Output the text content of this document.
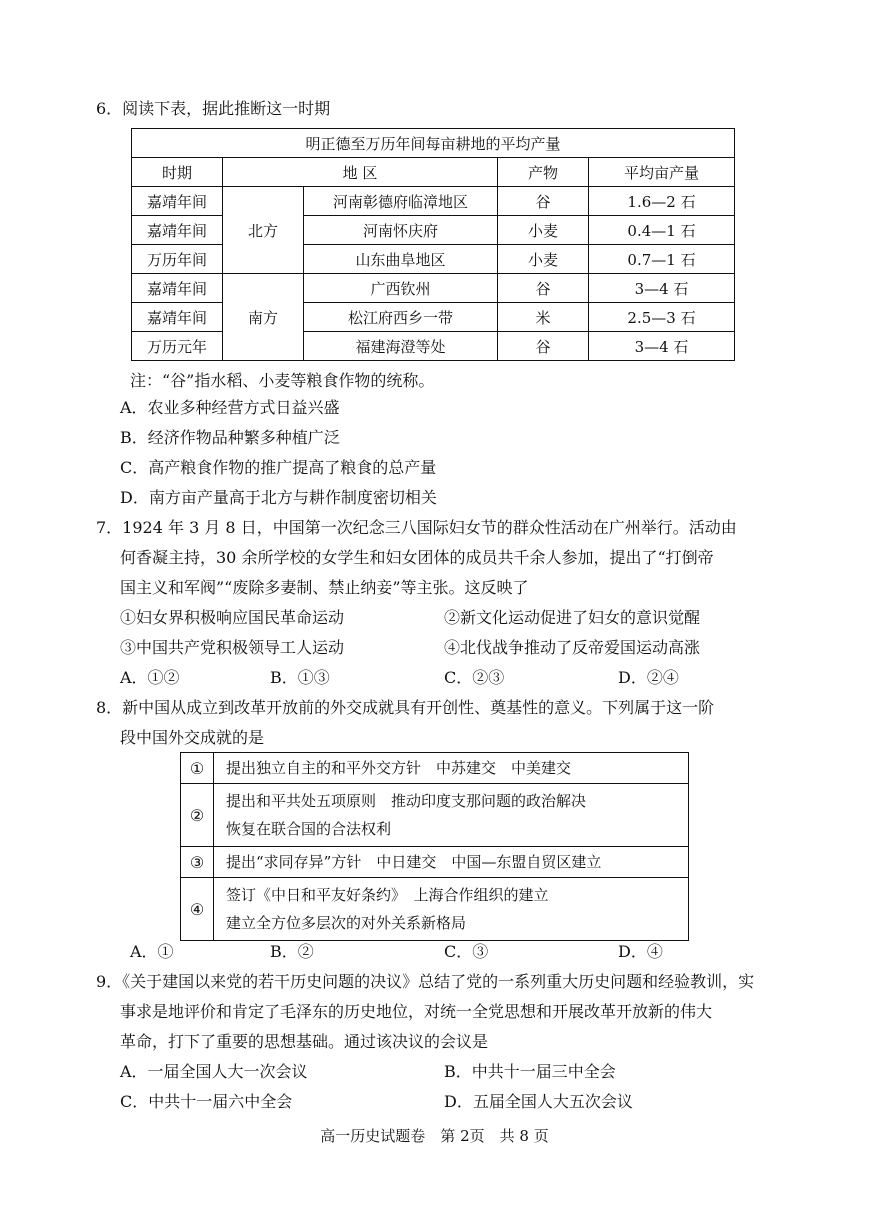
6．阅读下表，据此推断这一时期
明正德至万历年间每亩耕地的平均产量				
时期	地 区		产物	平均亩产量
嘉靖年间	北方	河南彰德府临漳地区	谷	1.6—2 石
嘉靖年间		河南怀庆府	小麦	0.4—1 石
万历年间		山东曲阜地区	小麦	0.7—1 石
嘉靖年间	南方	广西钦州	谷	3—4 石
嘉靖年间		松江府西乡一带	米	2.5—3 石
万历元年		福建海澄等处	谷	3—4 石
注：“谷”指水稻、小麦等粮食作物的统称。
A．农业多种经营方式日益兴盛
B．经济作物品种繁多种植广泛
C．高产粮食作物的推广提高了粮食的总产量
D．南方亩产量高于北方与耕作制度密切相关
7．1924 年 3 月 8 日，中国第一次纪念三八国际妇女节的群众性活动在广州举行。活动由
何香凝主持，30 余所学校的女学生和妇女团体的成员共千余人参加，提出了“打倒帝
国主义和军阀”“废除多妻制、禁止纳妾”等主张。这反映了
①妇女界积极响应国民革命运动	②新文化运动促进了妇女的意识觉醒
③中国共产党积极领导工人运动	④北伐战争推动了反帝爱国运动高涨
A．①②	B．①③	C．②③	D．②④
8．新中国从成立到改革开放前的外交成就具有开创性、奠基性的意义。下列属于这一阶
段中国外交成就的是
①	提出独立自主的和平外交方针　中苏建交　中美建交
②	提出和平共处五项原则　推动印度支那问题的政治解决
恢复在联合国的合法权利

③	提出“求同存异”方针　中日建交　中国—东盟自贸区建立
④	签订《中日和平友好条约》　上海合作组织的建立
建立全方位多层次的对外关系新格局
A．①	B．②	C．③	D．④
9．《关于建国以来党的若干历史问题的决议》总结了党的一系列重大历史问题和经验教训，实
事求是地评价和肯定了毛泽东的历史地位，对统一全党思想和开展改革开放新的伟大
革命，打下了重要的思想基础。通过该决议的会议是
A．一届全国人大一次会议	B．中共十一届三中全会
C．中共十一届六中全会	D．五届全国人大五次会议
高一历史试题卷　第 2页　共 8 页
